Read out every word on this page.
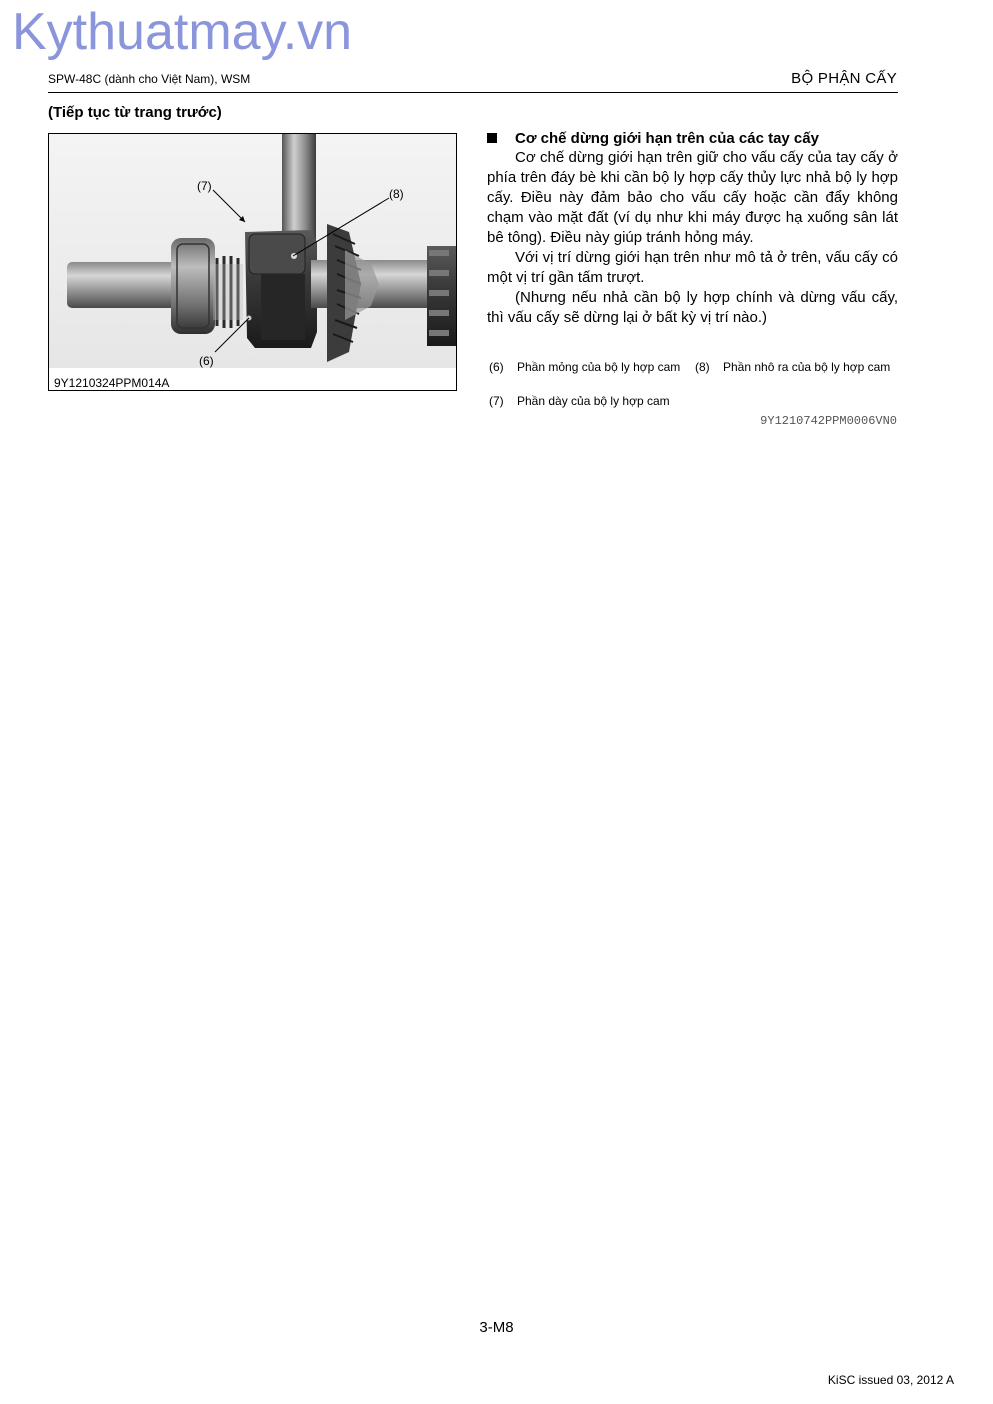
Kythuatmay.vn
SPW-48C (dành cho Việt Nam), WSM	BỘ PHẬN CẤY
(Tiếp tục từ trang trước)
(7)
(8)
(6)
9Y1210324PPM014A
Cơ chế dừng giới hạn trên của các tay cấy

Cơ chế dừng giới hạn trên giữ cho vấu cấy của tay cấy ở phía trên đáy bè khi cần bộ ly hợp cấy thủy lực nhả bộ ly hợp cấy. Điều này đảm bảo cho vấu cấy hoặc cần đẩy không chạm vào mặt đất (ví dụ như khi máy được hạ xuống sân lát bê tông). Điều này giúp tránh hỏng máy.

Với vị trí dừng giới hạn trên như mô tả ở trên, vấu cấy có một vị trí gần tấm trượt.

(Nhưng nếu nhả cần bộ ly hợp chính và dừng vấu cấy, thì vấu cấy sẽ dừng lại ở bất kỳ vị trí nào.)

(6)	Phần mỏng của bộ ly hợp cam	(8)	Phần nhô ra của bộ ly hợp cam
(7)	Phần dày của bộ ly hợp cam
9Y1210742PPM0006VN0
3-M8
KiSC issued 03, 2012 A
